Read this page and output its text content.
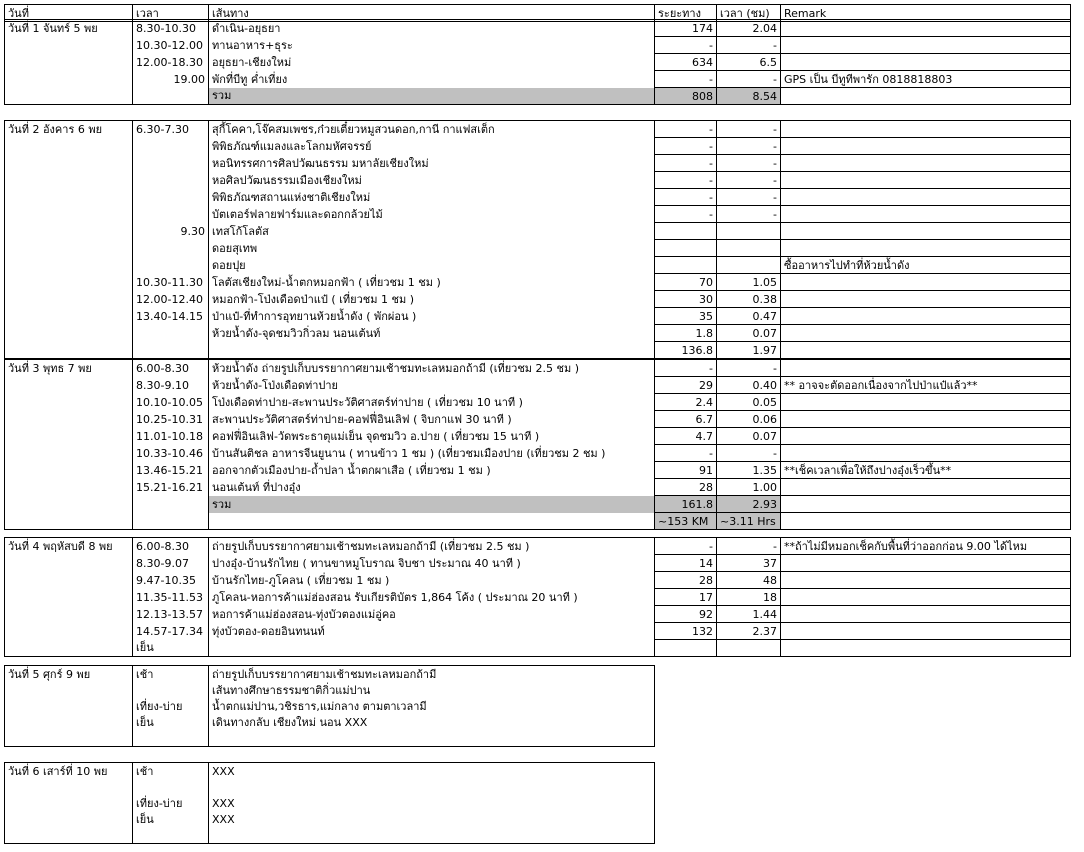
วันที่	เวลา	เส้นทาง	ระยะทาง	เวลา (ชม)	Remark
วันที่ 1 จันทร์ 5 พย	8.30-10.30	ดำเนิน-อยุธยา	174	2.04	
	10.30-12.00	ทานอาหาร+ธุระ	-	-	
	12.00-18.30	อยุธยา-เชียงใหม่	634	6.5	
	19.00	พักที่บีทู ค่ำเที่ยง	-	-	GPS เป็น บีทูทีพารัก 0818818803
		รวม	808	8.54	
วันที่ 2 อังคาร 6 พย	6.30-7.30	สุกี้โคคา,โจ๊คสมเพชร,ก๋วยเตี๋ยวหมูสวนดอก,กานี กาแฟสเต็ก	-	-	
		พิพิธภัณฑ์แมลงและโลกมหัศจรรย์	-	-	
		หอนิทรรศการศิลปวัฒนธรรม มหาลัยเชียงใหม่	-	-	
		หอศิลปวัฒนธรรมเมืองเชียงใหม่	-	-	
		พิพิธภัณฑสถานแห่งชาติเชียงใหม่	-	-	
		บัตเตอร์ฟลายฟาร์มและดอกกล้วยไม้	-	-	
	9.30	เทสโก้โลตัส			
		ดอยสุเทพ			
		ดอยปุย			ซื้ออาหารไปทำที่ห้วยน้ำดัง
	10.30-11.30	โลตัสเชียงใหม่-น้ำตกหมอกฟ้า ( เที่ยวชม 1 ชม )	70	1.05	
	12.00-12.40	หมอกฟ้า-โป่งเดือดป่าแป๋ ( เที่ยวชม 1 ชม )	30	0.38	
	13.40-14.15	ป่าแป๋-ที่ทำการอุทยานห้วยน้ำดัง ( พักผ่อน )	35	0.47	
		ห้วยน้ำดัง-จุดชมวิวกิ่วลม นอนเต้นท์	1.8	0.07	
			136.8	1.97	
วันที่ 3 พุทธ 7 พย	6.00-8.30	ห้วยน้ำดัง ถ่ายรูปเก็บบรรยากาศยามเช้าชมทะเลหมอกถ้ามี (เที่ยวชม 2.5 ชม )	-	-	
	8.30-9.10	ห้วยน้ำดัง-โป่งเดือดท่าปาย	29	0.40	** อาจจะตัดออกเนื่องจากไปป่าแป๋แล้ว**
	10.10-10.05	โป่งเดือดท่าปาย-สะพานประวัติศาสตร์ท่าปาย ( เที่ยวชม 10 นาที )	2.4	0.05	
	10.25-10.31	สะพานประวัติศาสตร์ท่าปาย-คอฟฟี่อินเลิฟ ( จิบกาแฟ 30 นาที )	6.7	0.06	
	11.01-10.18	คอฟฟี่อินเลิฟ-วัดพระธาตุแม่เย็น จุดชมวิว อ.ปาย ( เที่ยวชม 15 นาที )	4.7	0.07	
	10.33-10.46	บ้านสันติชล อาหารจีนยูนาน ( ทานข้าว 1 ชม ) (เที่ยวชมเมืองปาย (เที่ยวชม 2 ชม )	-	-	
	13.46-15.21	ออกจากตัวเมืองปาย-ถ้ำปลา น้ำตกผาเสือ ( เที่ยวชม 1 ชม )	91	1.35	**เช็คเวลาเพื่อให้ถึงปางอุ๋งเร็วขึ้น**
	15.21-16.21	นอนเต้นท์ ที่ปางอุ๋ง	28	1.00	
		รวม	161.8	2.93	
			~153 KM	~3.11 Hrs	
วันที่ 4 พฤหัสบดี 8 พย	6.00-8.30	ถ่ายรูปเก็บบรรยากาศยามเช้าชมทะเลหมอกถ้ามี (เที่ยวชม 2.5 ชม )	-	-	**ถ้าไม่มีหมอกเช็คกับพื้นที่ว่าออกก่อน 9.00 ได้ไหม
	8.30-9.07	ปางอุ๋ง-บ้านรักไทย ( ทานขาหมูโบราณ จิบชา ประมาณ 40 นาที )	14	37	
	9.47-10.35	บ้านรักไทย-ภูโคลน ( เที่ยวชม 1 ชม )	28	48	
	11.35-11.53	ภูโคลน-หอการค้าแม่ฮ่องสอน รับเกียรติบัตร 1,864 โค้ง ( ประมาณ 20 นาที )	17	18	
	12.13-13.57	หอการค้าแม่ฮ่องสอน-ทุ่งบัวตองแม่อู่คอ	92	1.44	
	14.57-17.34	ทุ่งบัวตอง-ดอยอินทนนท์	132	2.37	
	เย็น				
วันที่ 5 ศุกร์ 9 พย	เช้า	ถ่ายรูปเก็บบรรยากาศยามเช้าชมทะเลหมอกถ้ามี
		เส้นทางศึกษาธรรมชาติกิ่วแม่ปาน
	เที่ยง-บ่าย	น้ำตกแม่ปาน,วชิรธาร,แม่กลาง ตามตาเวลามี
	เย็น	เดินทางกลับ เชียงใหม่ นอน XXX

วันที่ 6 เสาร์ที่ 10 พย	เช้า	XXX

	เที่ยง-บ่าย	XXX
	เย็น	XXX
